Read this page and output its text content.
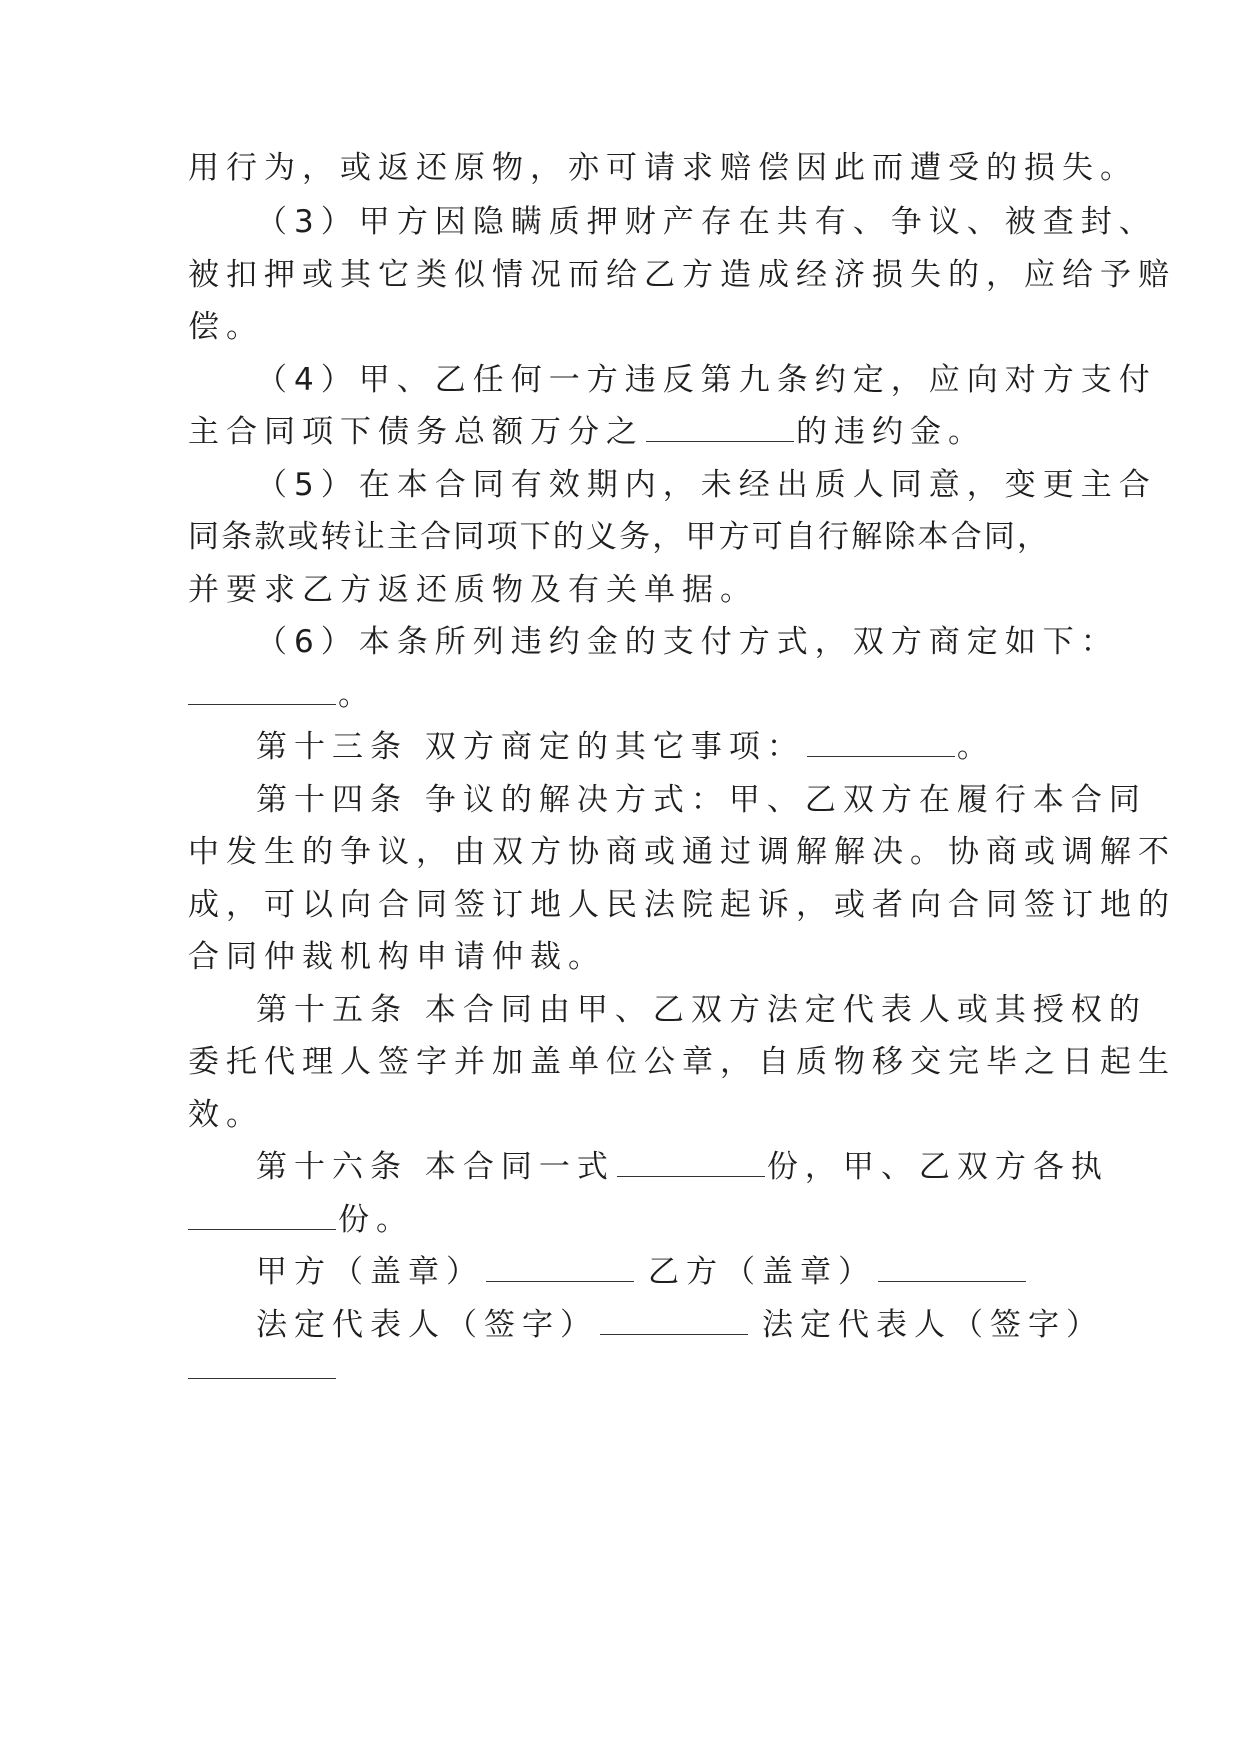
用行为，或返还原物，亦可请求赔偿因此而遭受的损失。

（3）甲方因隐瞒质押财产存在共有、争议、被查封、

被扣押或其它类似情况而给乙方造成经济损失的，应给予赔

偿。

（4）甲、乙任何一方违反第九条约定，应向对方支付

主合同项下债务总额万分之	的违约金。

（5）在本合同有效期内，未经出质人同意，变更主合

同条款或转让主合同项下的义务，甲方可自行解除本合同，

并要求乙方返还质物及有关单据。

（6）本条所列违约金的支付方式，双方商定如下：

。

第十三条 双方商定的其它事项：	。

第十四条 争议的解决方式：甲、乙双方在履行本合同

中发生的争议，由双方协商或通过调解解决。协商或调解不

成，可以向合同签订地人民法院起诉，或者向合同签订地的

合同仲裁机构申请仲裁。

第十五条 本合同由甲、乙双方法定代表人或其授权的

委托代理人签字并加盖单位公章，自质物移交完毕之日起生

效。

第十六条 本合同一式	份，甲、乙双方各执

份。

甲方（盖章）	乙方（盖章）

法定代表人（签字）	法定代表人（签字）
